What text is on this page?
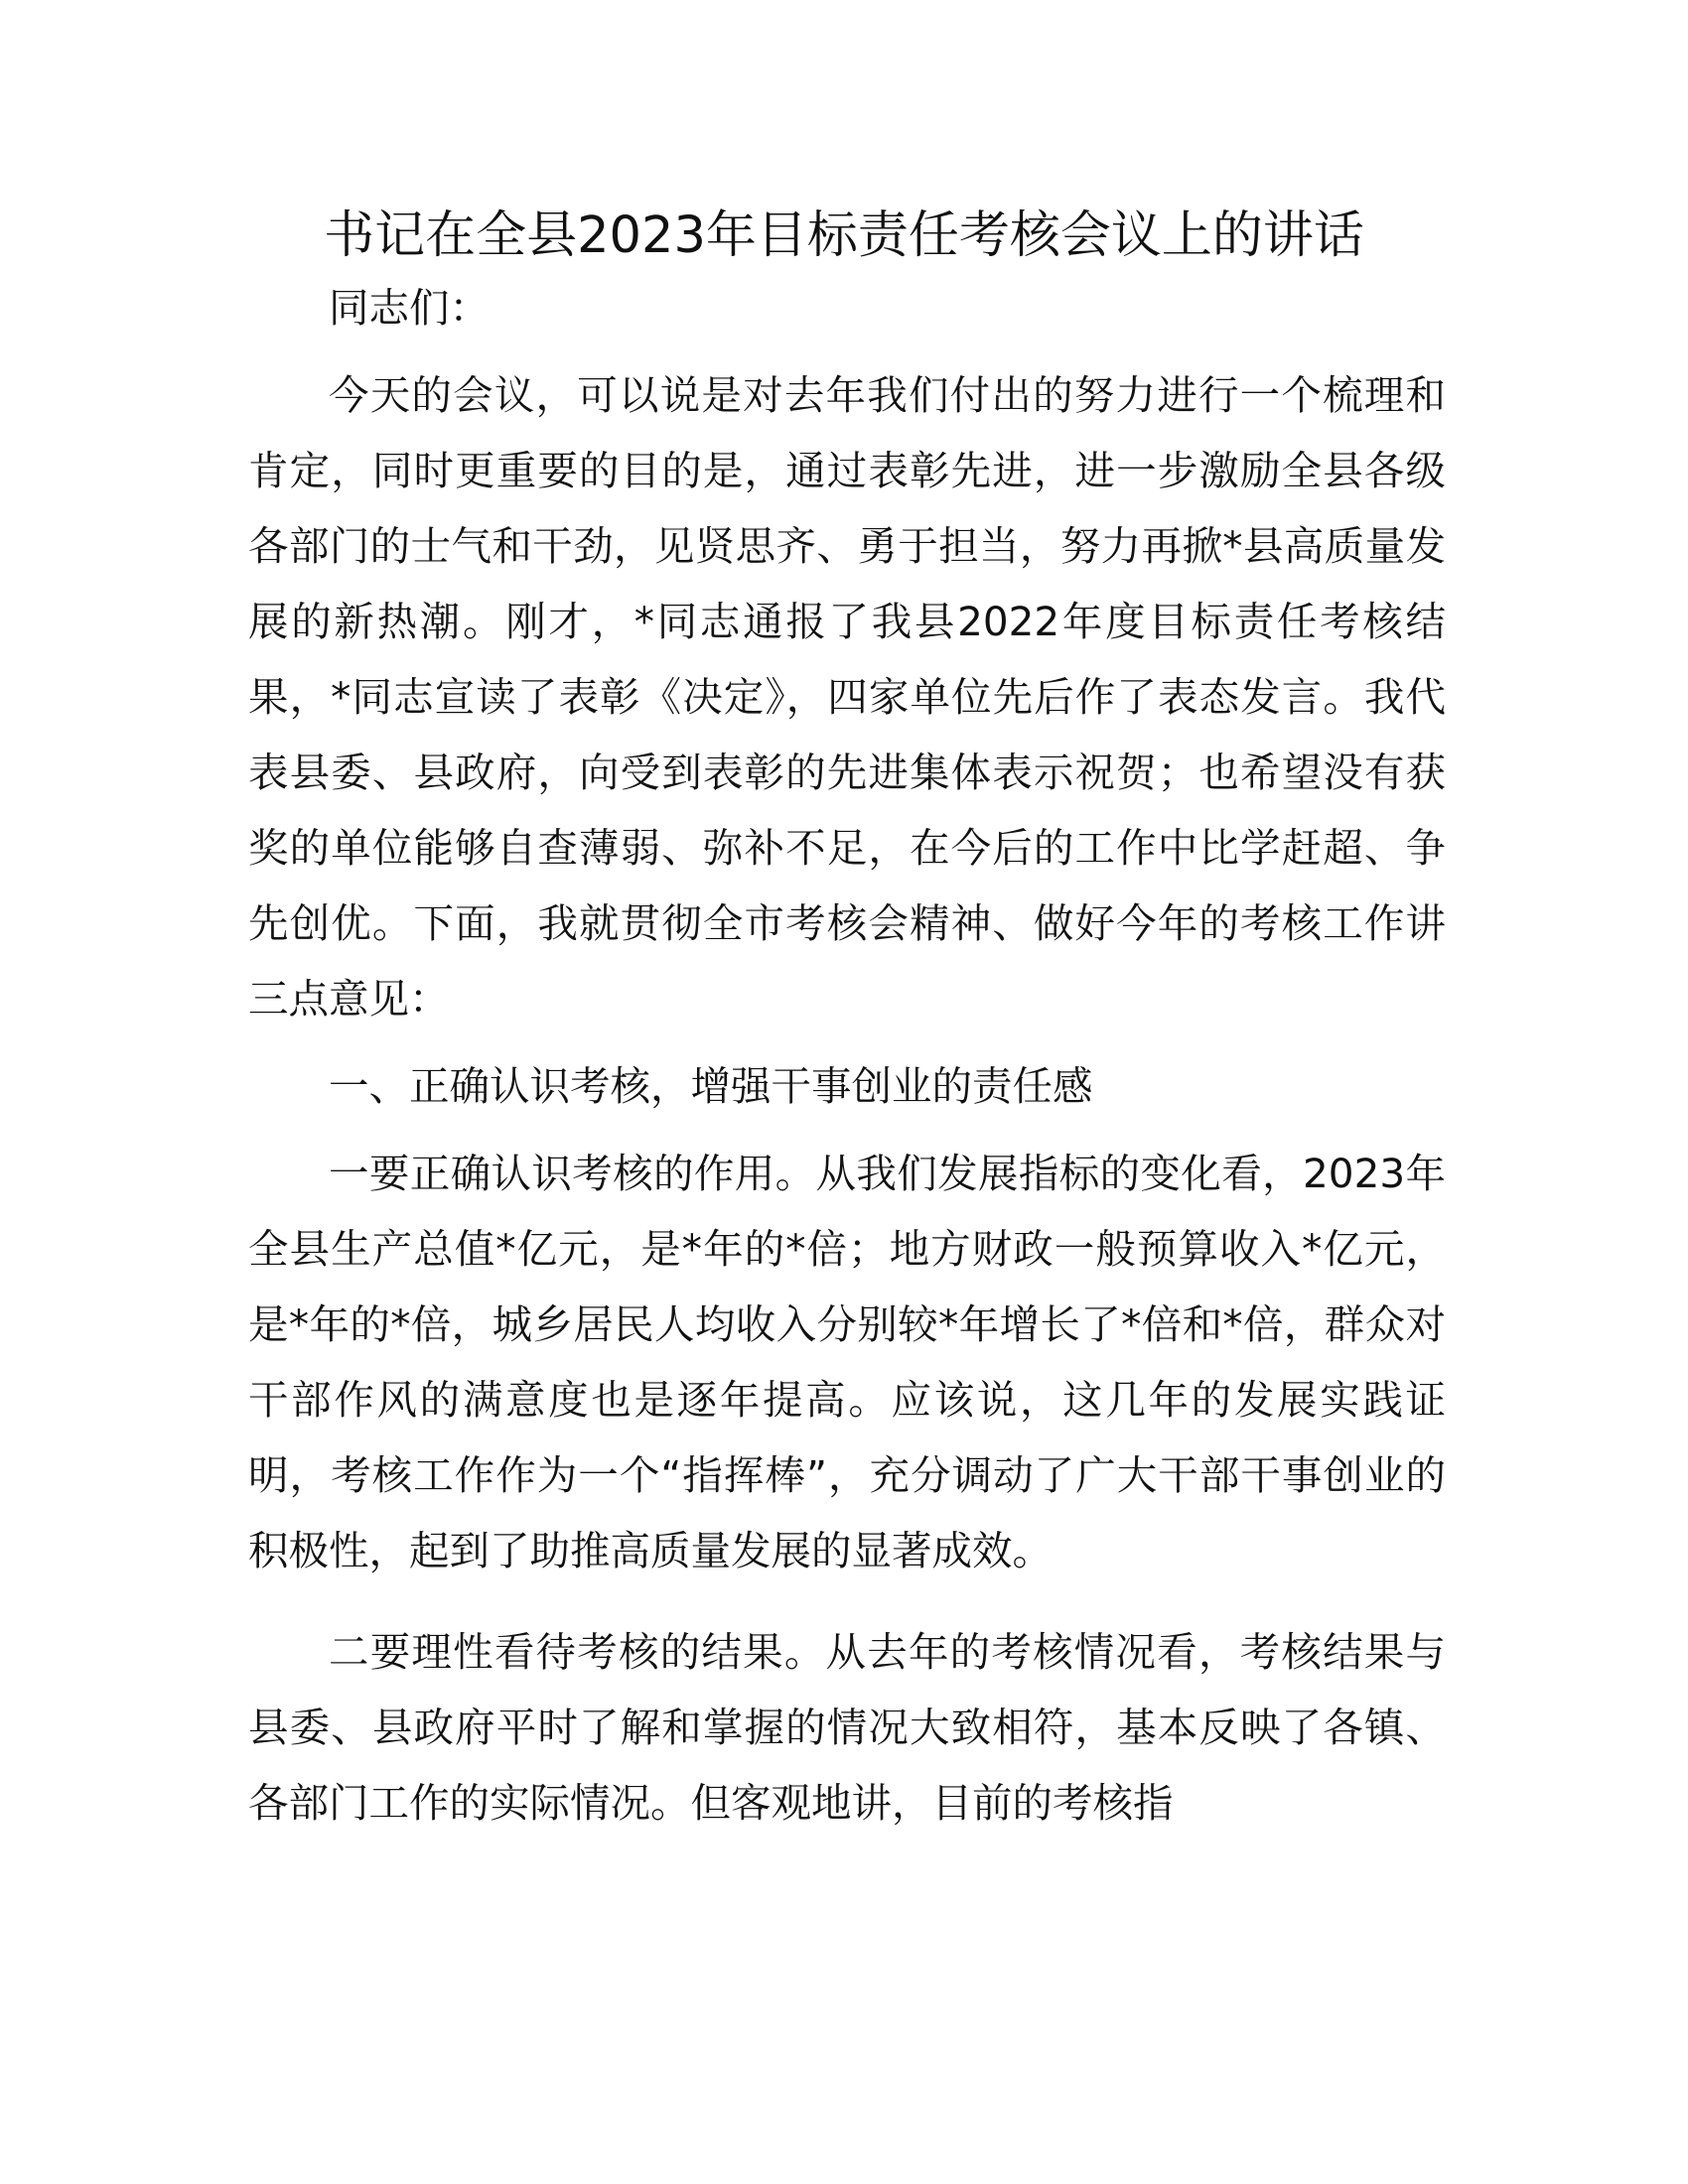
书记在全县2023年目标责任考核会议上的讲话

同志们：

今天的会议，可以说是对去年我们付出的努力进行一个梳理和肯定，同时更重要的目的是，通过表彰先进，进一步激励全县各级各部门的士气和干劲，见贤思齐、勇于担当，努力再掀*县高质量发展的新热潮。刚才，*同志通报了我县2022年度目标责任考核结果，*同志宣读了表彰《决定》，四家单位先后作了表态发言。我代表县委、县政府，向受到表彰的先进集体表示祝贺；也希望没有获奖的单位能够自查薄弱、弥补不足，在今后的工作中比学赶超、争先创优。下面，我就贯彻全市考核会精神、做好今年的考核工作讲三点意见：

一、正确认识考核，增强干事创业的责任感

一要正确认识考核的作用。从我们发展指标的变化看，2023年全县生产总值*亿元，是*年的*倍；地方财政一般预算收入*亿元，是*年的*倍，城乡居民人均收入分别较*年增长了*倍和*倍，群众对干部作风的满意度也是逐年提高。应该说，这几年的发展实践证明，考核工作作为一个“指挥棒”，充分调动了广大干部干事创业的积极性，起到了助推高质量发展的显著成效。

二要理性看待考核的结果。从去年的考核情况看，考核结果与县委、县政府平时了解和掌握的情况大致相符，基本反映了各镇、各部门工作的实际情况。但客观地讲，目前的考核指
